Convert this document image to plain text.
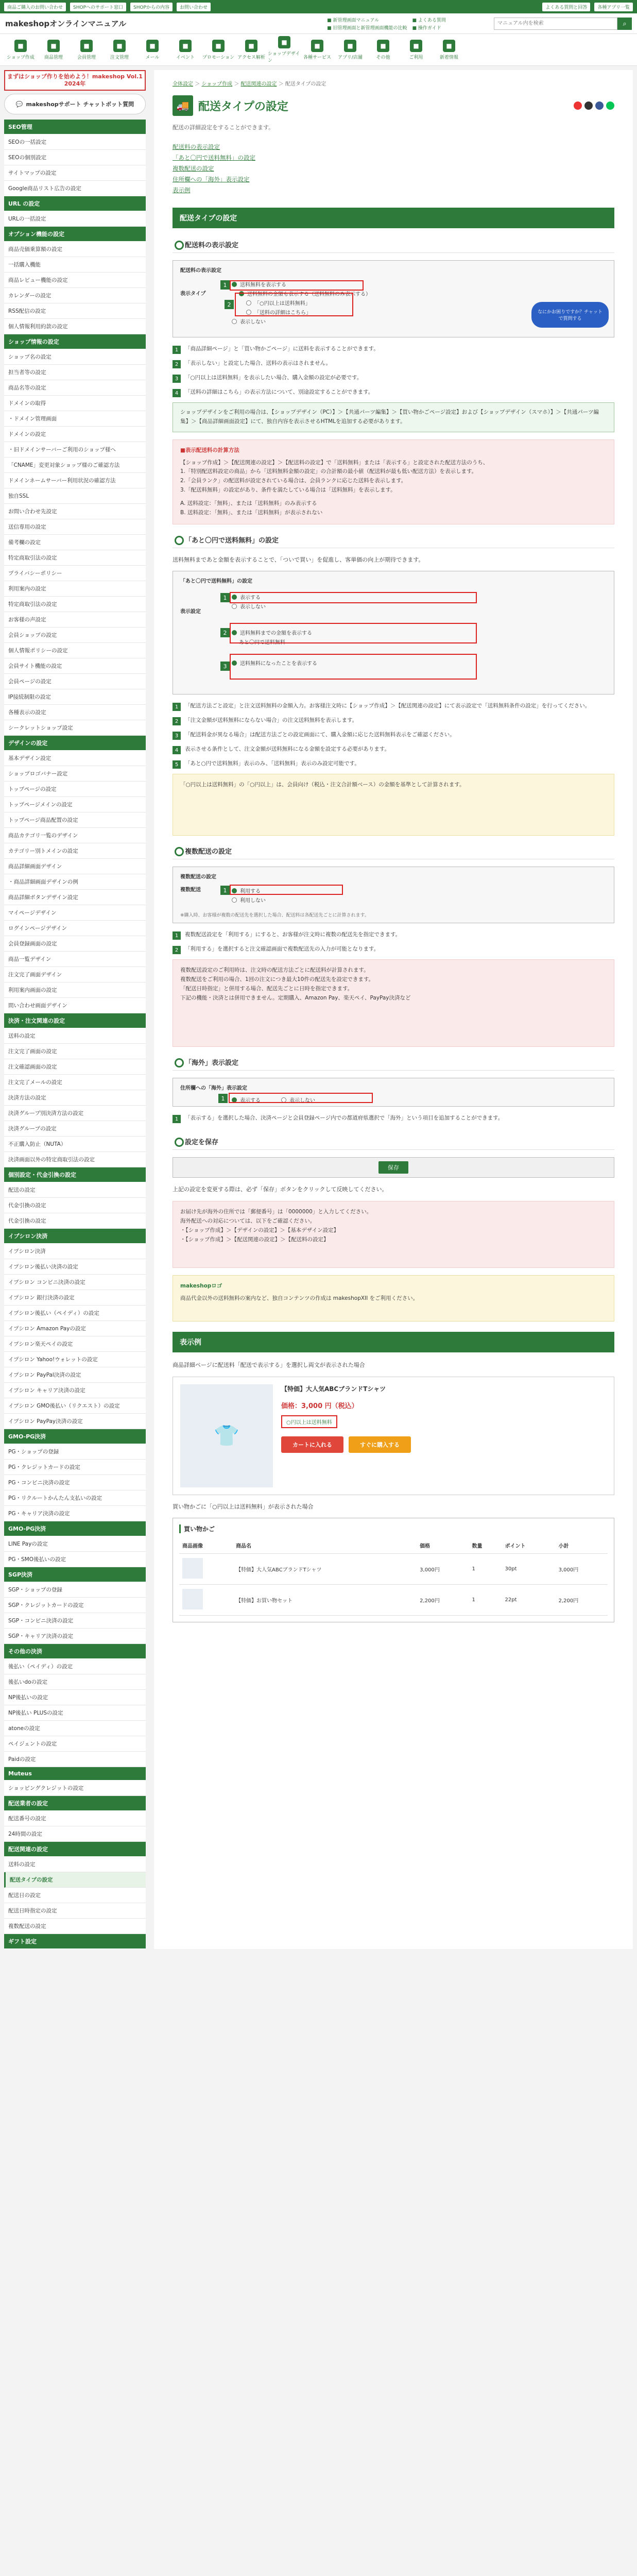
商品ご購入のお問い合わせ	SHOPへのサポート窓口	SHOPからの内容	お問い合わせ	よくある質問と回答	各種アプリ一覧
makeshopオンラインマニュアル	■ 新管理画面マニュアル
■ 旧管理画面と新管理画面機能の比較
■ よくある質問
■ 操作ガイド
マニュアル内を検索
⌕
■
ショップ作成
■
商品管理
■
会員管理
■
注文管理
■
メール
■
イベント
■
プロモーション
■
アクセス解析
■
ショップデザイン
■
各種サービス
■
アプリ/店舗
■
その他
■
ご利用
■
新着情報
まずはショップ作りを始めよう！makeshop Vol.1 2024年
💬 makeshopサポート チャットボット質問
SEO管理
SEOの一括設定
SEOの個別設定
サイトマップの設定
Google商品リスト広告の設定
URL の設定
URLの一括設定
オプション機能の設定
商品売価乗算額の設定
一括購入機能
商品レビュー機能の設定
カレンダーの設定
RSS配信の設定
個人情報利用約款の設定
ショップ情報の設定
ショップ名の設定
担当者等の設定
商品名等の設定
ドメインの取得
・ドメイン管理画面
ドメインの設定
・旧ドメインサーバーご利用のショップ様へ
「CNAME」変更対象ショップ様のご確認方法
ドメインネームサーバー利用状況の確認方法
独自SSL
お問い合わせ先設定
送信専用の設定
備考欄の設定
特定商取引法の設定
プライバシーポリシー
利用案内の設定
特定商取引法の設定
お客様の声設定
会員ショップの設定
個人情報ポリシーの設定
会員サイト機能の設定
会員ページの設定
IP接続制限の設定
各種表示の設定
シークレットショップ設定
デザインの設定
基本デザイン設定
ショップロゴバナー設定
トップページの設定
トップページメインの設定
トップページ商品配置の設定
商品カテゴリ一覧のデザイン
カテゴリー別トメインの設定
商品詳細画面デザイン
・商品詳細画面デザインの例
商品詳細ボタンデザイン設定
マイページデザイン
ログインページデザイン
会員登録画面の設定
商品一覧デザイン
注文完了画面デザイン
利用案内画面の設定
問い合わせ画面デザイン
決済・注文関連の設定
送料の設定
注文完了画面の設定
注文確認画面の設定
注文完了メールの設定
決済方法の設定
決済グループ別決済方法の設定
決済グループの設定
不正購入防止（NUTA）
決済画面以外の特定商取引法の設定
個別設定・代金引換の設定
配送の設定
代金引換の設定
代金引換の設定
イプシロン決済
イプシロン決済
イプシロン後払い決済の設定
イプシロン コンビニ決済の設定
イプシロン 銀行決済の設定
イプシロン後払い（ペイディ）の設定
イプシロン Amazon Payの設定
イプシロン楽天ペイの設定
イプシロン Yahoo!ウォレットの設定
イプシロン PayPal決済の設定
イプシロン キャリア決済の設定
イプシロン GMO後払い（リクエスト）の設定
イプシロン PayPay決済の設定
GMO-PG決済
PG・ショップの登録
PG・クレジットカードの設定
PG・コンビニ決済の設定
PG・リクルートかんたん支払いの設定
PG・キャリア決済の設定
GMO-PG決済
LINE Payの設定
PG・SMO後払いの設定
SGP決済
SGP・ショップの登録
SGP・クレジットカードの設定
SGP・コンビニ決済の設定
SGP・キャリア決済の設定
その他の決済
後払い（ペイディ）の設定
後払いdoの設定
NP後払いの設定
NP後払い PLUSの設定
atoneの設定
ペイジェントの設定
Paidの設定
Muteus
ショッピングクレジットの設定
配送業者の設定
配送番号の設定
24時間の設定
配送関連の設定
送料の設定
配送タイプの設定
配送日の設定
配送日時指定の設定
複数配送の設定
ギフト設定
全体設定 ＞ ショップ作成 ＞ 配送関連の設定 ＞ 配送タイプの設定
🚚 配送タイプの設定
配送の詳細設定をすることができます。
配送料の表示設定
「あと〇円で送料無料」の設定
複数配送の設定
住所欄への「海外」表示設定
表示例
配送タイプの設定
配送料の表示設定
配送料の表示設定
表示タイプ
送料無料を表示する
送料無料の金額も表示する（送料無料のみ表示する）
「○円以上は送料無料」
「送料の詳細はこちら」
表示しない
1
2
なにかお困りですか？チャットで質問する
1	「商品詳細ページ」と「買い物かごページ」に送料を表示することができます。
2	「表示しない」と設定した場合、送料の表示はされません。
3	「○円以上は送料無料」を表示したい場合、購入金額の設定が必要です。
4	「送料の詳細はこちら」の表示方法について、別途設定することができます。
ショップデザインをご利用の場合は、【ショップデザイン（PC）】＞【共通パーツ編集】＞【買い物かごページ設定】および【ショップデザイン（スマホ）】＞【共通パーツ編集】＞【商品詳細画面設定】にて、独自内容を表示させるHTMLを追加する必要があります。
■表示配送料の計算方法
【ショップ作成】＞【配送関連の設定】＞【配送料の設定】で「送料無料」または「表示する」と設定された配送方法のうち、
1.「特別配送料設定の商品」から「送料無料金額の設定」の合計額の最小値（配送料が最も低い配送方法）を表示します。
2.「会員ランク」の配送料が設定されている場合は、会員ランクに応じた送料を表示します。
3.「配送料無料」の設定があり、条件を満たしている場合は「送料無料」を表示します。
A. 送料設定：「無料」、または「送料無料」のみ表示する
B. 送料設定：「無料」、または「送料無料」が表示されない
「あと〇円で送料無料」の設定
送料無料まであと金額を表示することで、「ついで買い」を促進し、客単価の向上が期待できます。
「あと〇円で送料無料」の設定
表示設定
表示する
表示しない
送料無料までの金額を表示する
あと〇円で送料無料
送料無料になったことを表示する
1
2
3
1	「配送方法ごと設定」と注文送料無料の金額入力。お客様注文時に【ショップ作成】＞【配送関連の設定】にて表示設定で「送料無料条件の設定」を行ってください。
2	「注文金額が送料無料にならない場合」の注文送料無料を表示します。
3	「配送料金が異なる場合」は配送方法ごとの設定画面にて、購入金額に応じた送料無料表示をご確認ください。
4	表示させる条件として、注文金額が送料無料になる金額を設定する必要があります。
5	「あと○円で送料無料」表示のみ、「送料無料」表示のみ設定可能です。
「○円以上は送料無料」の「○円以上」は、会員向け（税込・注文合計額ベース）の金額を基準として計算されます。
複数配送の設定
複数配送の設定
複数配送	利用する
利用しない
※購入時、お客様が複数の配送先を選択した場合、配送料は各配送先ごとに計算されます。
1
1	複数配送設定を「利用する」にすると、お客様が注文時に複数の配送先を指定できます。
2	「利用する」を選択すると注文確認画面で複数配送先の入力が可能となります。
複数配送設定のご利用時は、注文時の配送方法ごとに配送料が計算されます。
複数配送をご利用の場合、1回の注文につき最大10件の配送先を設定できます。
「配送日時指定」と併用する場合、配送先ごとに日時を指定できます。
下記の機能・決済とは併用できません。定期購入、Amazon Pay、楽天ペイ、PayPay決済など
「海外」表示設定
住所欄への「海外」表示設定
表示する	表示しない
1
1	「表示する」を選択した場合、決済ページと会員登録ページ内での都道府県選択で「海外」という項目を追加することができます。
設定を保存
保存
上記の設定を変更する際は、必ず「保存」ボタンをクリックして反映してください。
お届け先が海外の住所では「郵便番号」は「0000000」と入力してください。
海外配送への対応については、以下をご確認ください。
・【ショップ作成】＞【デザインの設定】＞【基本デザイン設定】
・【ショップ作成】＞【配送関連の設定】＞【配送料の設定】
makeshopロゴ
商品代金以外の送料無料の案内など、独自コンテンツの作成は makeshopXII をご利用ください。
表示例
商品詳細ページに配送料「配送で表示する」を選択し両文が表示された場合
👕
【特価】大人気ABCブランドTシャツ
価格：3,000 円（税込）
○円以上は送料無料
カートに入れる	すぐに購入する
買い物かごに「○円以上は送料無料」が表示された場合
買い物かご
商品画像	商品名	価格	数量	ポイント	小計
	【特価】大人気ABCブランドTシャツ	3,000円	1	30pt	3,000円
	【特価】お買い物セット	2,200円	1	22pt	2,200円
